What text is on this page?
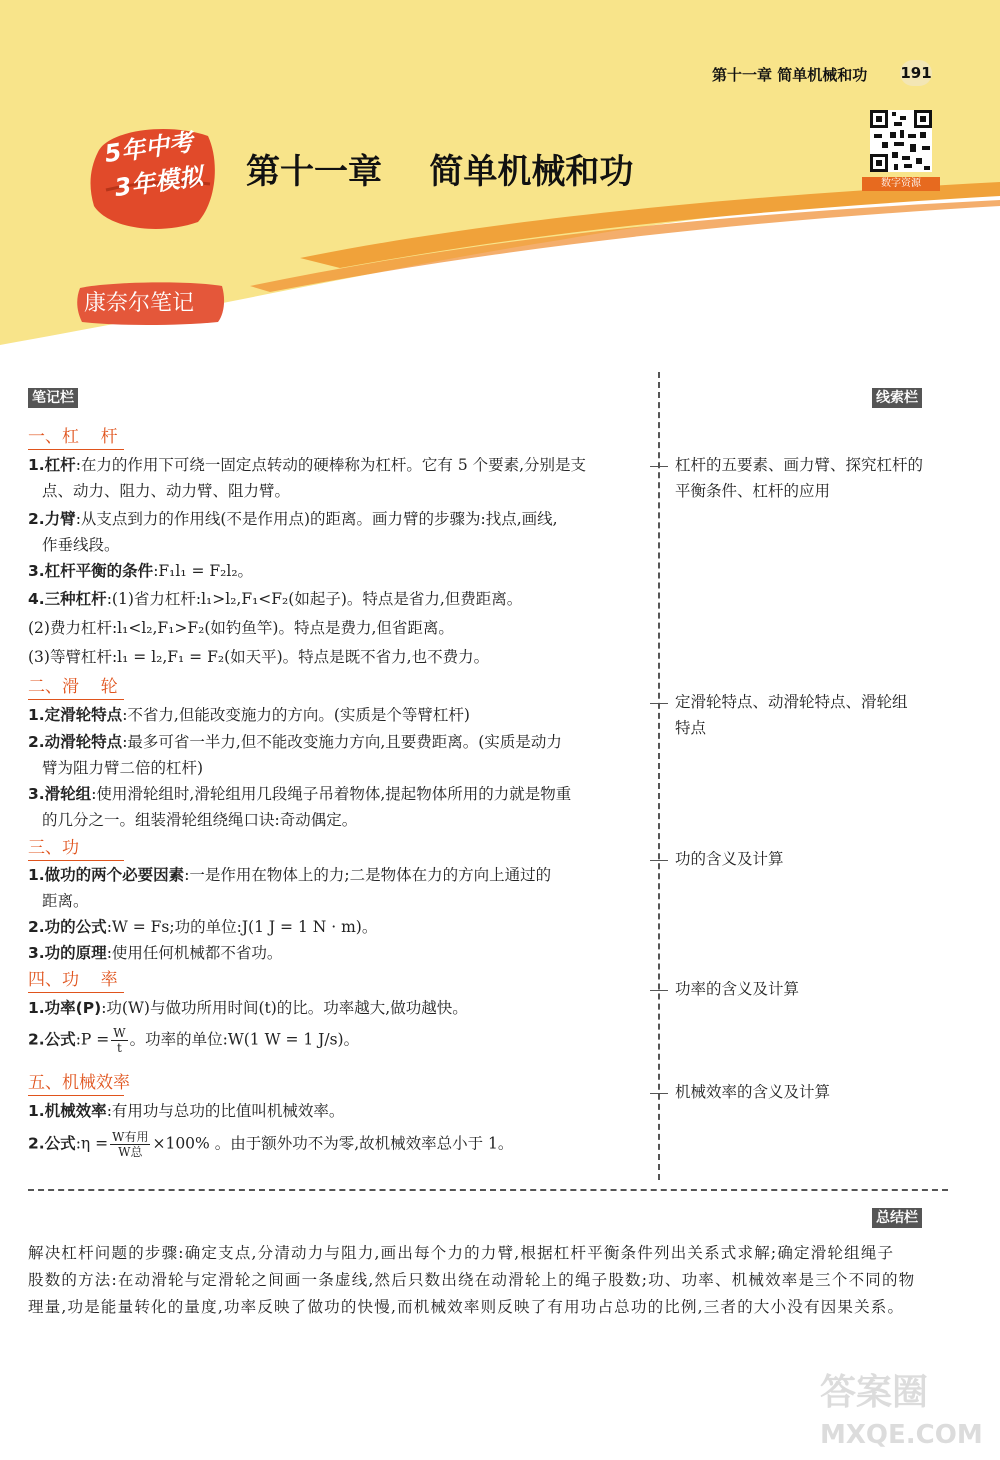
第十一章 简单机械和功 191
5年中考
3年模拟 第十一章    简单机械和功	数字资源
康奈尔笔记
笔记栏	线索栏
总结栏
一、杠    杆
1.杠杆:在力的作用下可绕一固定点转动的硬棒称为杠杆。它有 5 个要素,分别是支
点、动力、阻力、动力臂、阻力臂。
2.力臂:从支点到力的作用线(不是作用点)的距离。画力臂的步骤为:找点,画线,
作垂线段。
3.杠杆平衡的条件:F₁l₁ = F₂l₂。
4.三种杠杆:(1)省力杠杆:l₁>l₂,F₁<F₂(如起子)。特点是省力,但费距离。
(2)费力杠杆:l₁<l₂,F₁>F₂(如钓鱼竿)。特点是费力,但省距离。
(3)等臂杠杆:l₁ = l₂,F₁ = F₂(如天平)。特点是既不省力,也不费力。
二、滑    轮
1.定滑轮特点:不省力,但能改变施力的方向。(实质是个等臂杠杆)
2.动滑轮特点:最多可省一半力,但不能改变施力方向,且要费距离。(实质是动力
臂为阻力臂二倍的杠杆)
3.滑轮组:使用滑轮组时,滑轮组用几段绳子吊着物体,提起物体所用的力就是物重
的几分之一。组装滑轮组绕绳口诀:奇动偶定。
三、功
1.做功的两个必要因素:一是作用在物体上的力;二是物体在力的方向上通过的
距离。
2.功的公式:W = Fs;功的单位:J(1 J = 1 N · m)。
3.功的原理:使用任何机械都不省功。
四、功    率
1.功率(P):功(W)与做功所用时间(t)的比。功率越大,做功越快。
2.公式:P = $\frac{W}{t}$ 。功率的单位:W(1 W = 1 J/s)。
五、机械效率
1.机械效率:有用功与总功的比值叫机械效率。
2.公式:η = $\frac{\text{W有用}}{\text{W总}} \times 100\%$ 。由于额外功不为零,故机械效率总小于 1。
杠杆的五要素、画力臂、探究杠杆的
平衡条件、杠杆的应用
定滑轮特点、动滑轮特点、滑轮组
特点
功的含义及计算
功率的含义及计算
机械效率的含义及计算
解决杠杆问题的步骤:确定支点,分清动力与阻力,画出每个力的力臂,根据杠杆平衡条件列出关系式求解;确定滑轮组绳子
股数的方法:在动滑轮与定滑轮之间画一条虚线,然后只数出绕在动滑轮上的绳子股数;功、功率、机械效率是三个不同的物
理量,功是能量转化的量度,功率反映了做功的快慢,而机械效率则反映了有用功占总功的比例,三者的大小没有因果关系。
答案圈
MXQE.COM
